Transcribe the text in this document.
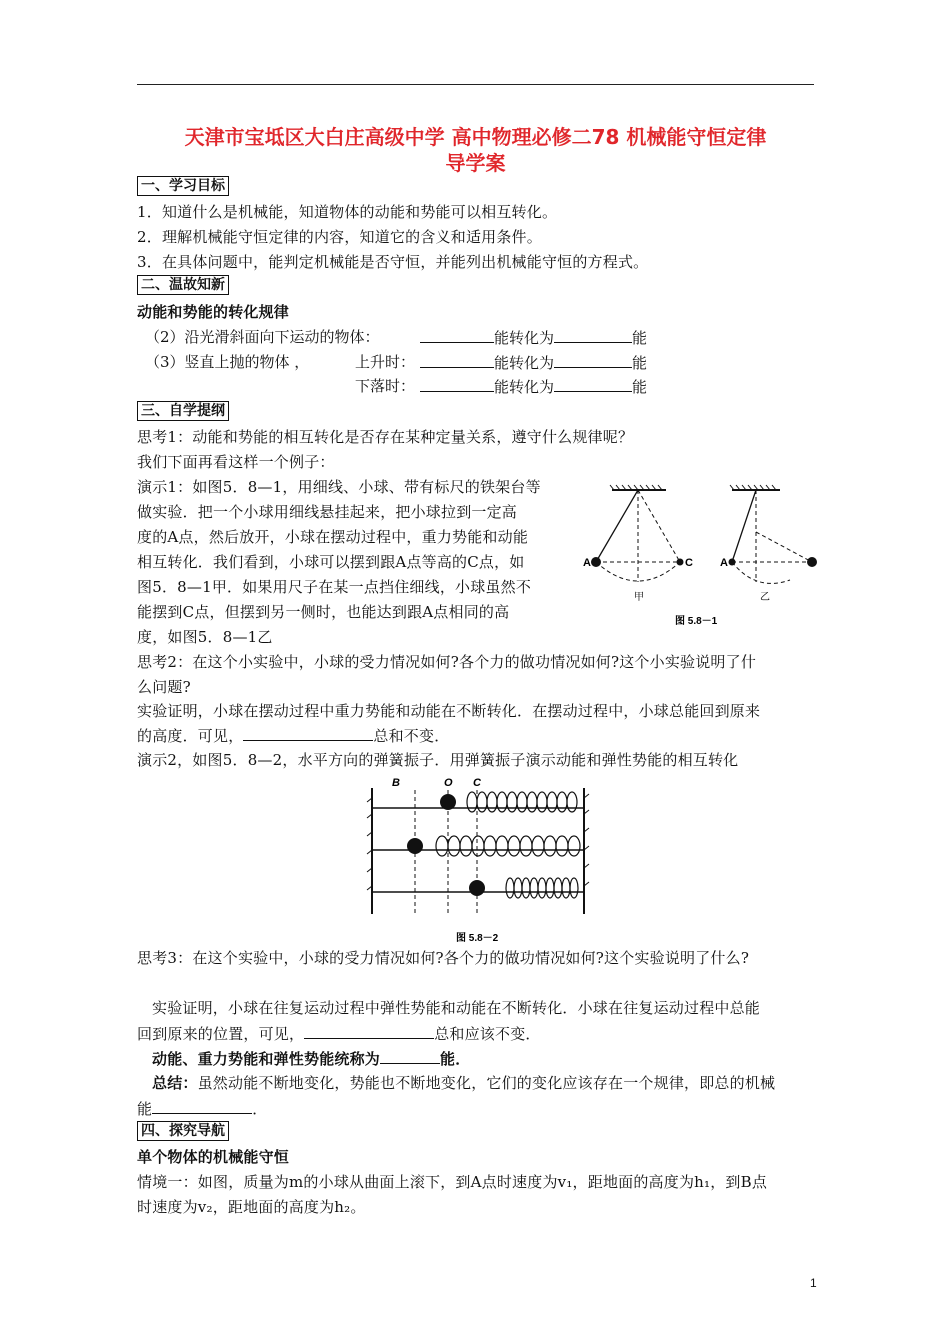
天津市宝坻区大白庄高级中学 高中物理必修二78 机械能守恒定律
导学案
一、学习目标
1．知道什么是机械能，知道物体的动能和势能可以相互转化。
2．理解机械能守恒定律的内容，知道它的含义和适用条件。
3．在具体问题中，能判定机械能是否守恒，并能列出机械能守恒的方程式。
二、温故知新
动能和势能的转化规律
（2）沿光滑斜面向下运动的物体：	能转化为	能
（3）竖直上抛的物体 ，	上升时：	能转化为	能
下落时：	能转化为	能
三、自学提纲
思考1：动能和势能的相互转化是否存在某种定量关系，遵守什么规律呢？
我们下面再看这样一个例子：
演示1：如图5．8—1，用细线、小球、带有标尺的铁架台等
做实验．把一个小球用细线悬挂起来，把小球拉到一定高
度的A点，然后放开，小球在摆动过程中，重力势能和动能
相互转化．我们看到，小球可以摆到跟A点等高的C点，如
图5．8—1甲．如果用尺子在某一点挡住细线，小球虽然不
能摆到C点，但摆到另一侧时，也能达到跟A点相同的高
度，如图5．8—1乙
A	C
甲
A
乙
图 5.8－1
思考2：在这个小实验中，小球的受力情况如何?各个力的做功情况如何?这个小实验说明了什
么问题?
实验证明，小球在摆动过程中重力势能和动能在不断转化．在摆动过程中，小球总能回到原来
的高度．可见，	总和不变．
演示2，如图5．8—2，水平方向的弹簧振子．用弹簧振子演示动能和弹性势能的相互转化
B	O C
图 5.8－2
思考3：在这个实验中，小球的受力情况如何?各个力的做功情况如何?这个实验说明了什么?
实验证明，小球在往复运动过程中弹性势能和动能在不断转化．小球在往复运动过程中总能
回到原来的位置，可见，	总和应该不变．
动能、重力势能和弹性势能统称为	能．
总结：虽然动能不断地变化，势能也不断地变化，它们的变化应该存在一个规律，即总的机械
能	．
四、探究导航
单个物体的机械能守恒
情境一：如图，质量为m的小球从曲面上滚下，到A点时速度为v₁，距地面的高度为h₁，到B点
时速度为v₂，距地面的高度为h₂。
1
